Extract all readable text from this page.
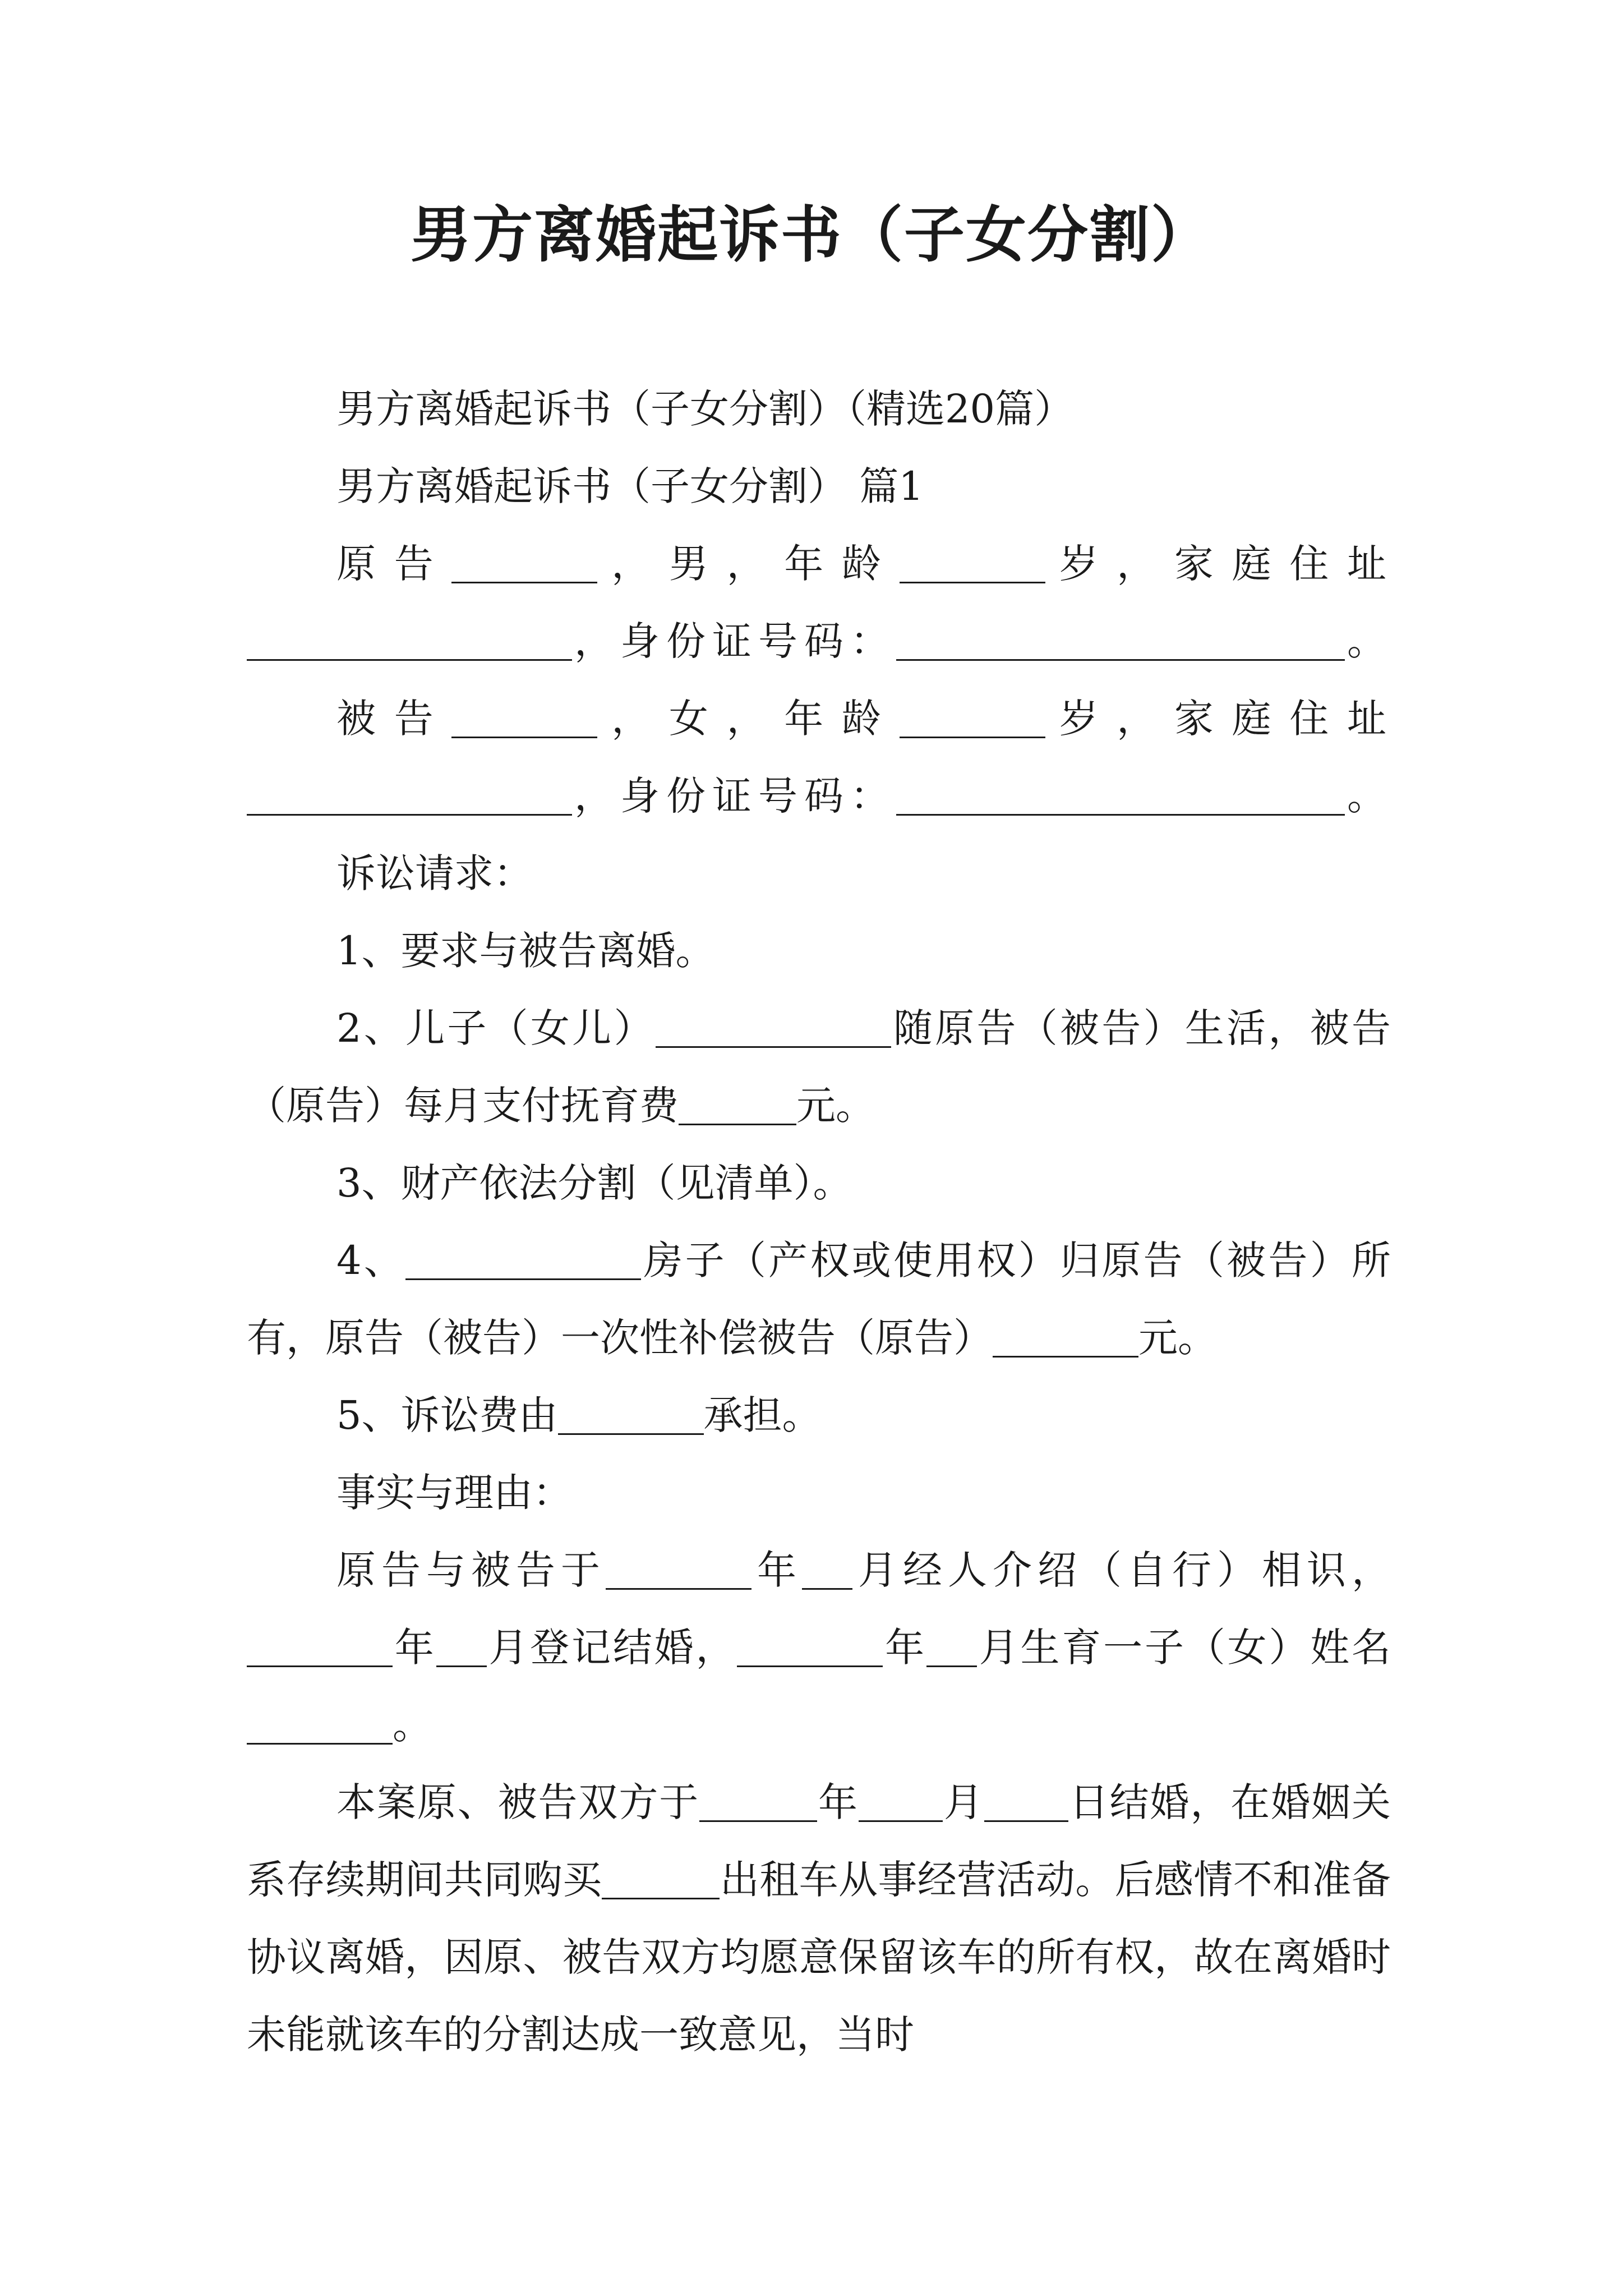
男方离婚起诉书（子女分割）

男方离婚起诉书（子女分割）（精选20篇）

男方离婚起诉书（子女分割） 篇1

原告	，男，年龄	岁，家庭住址

，身份证号码：	。

被告	，女，年龄	岁，家庭住址

，身份证号码：	。

诉讼请求：

1、要求与被告离婚。

2、儿子（女儿）	随原告（被告）生活，被告（原告）每月支付抚育费	元。

3、财产依法分割（见清单）。

4、	房子（产权或使用权）归原告（被告）所有，原告（被告）一次性补偿被告（原告）	元。

5、诉讼费由	承担。

事实与理由：

原告与被告于	年 月经人介绍（自行）相识，年 月登记结婚，	年 月生育一子（女）姓名。

本案原、被告双方于	年 月 日结婚，在婚姻关系存续期间共同购买	出租车从事经营活动。后感情不和准备协议离婚，因原、被告双方均愿意保留该车的所有权，故在离婚时未能就该车的分割达成一致意见，当时
